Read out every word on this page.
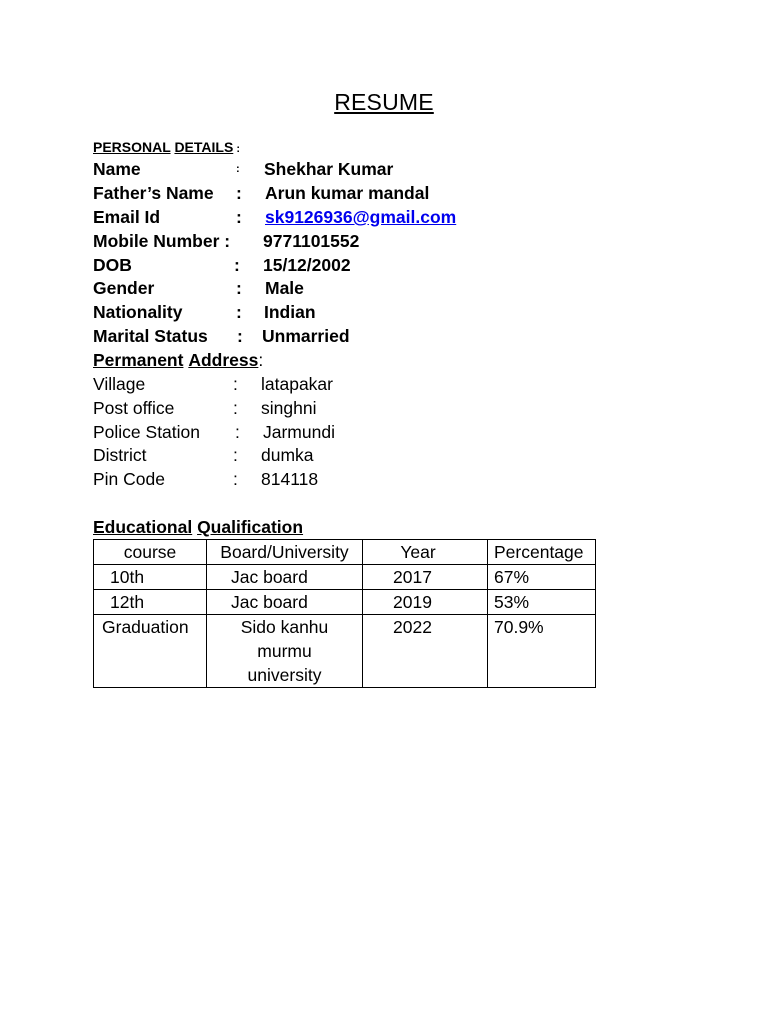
RESUME
PERSONAL DETAILS :
Name	: Shekhar Kumar
Father’s Name : Arun kumar mandal
Email Id	: sk9126936@gmail.com
Mobile Number : 9771101552
DOB	: 15/12/2002
Gender	: Male
Nationality	: Indian
Marital Status : Unmarried
Permanent Address:
Village	: latapakar
Post office	: singhni
Police Station : Jarmundi
District	: dumka
Pin Code	: 814118
Educational Qualification
course	Board/University	Year	Percentage
10th	Jac board	2017	67%
12th	Jac board	2019	53%
Graduation	Sido kanhu murmu university	2022	70.9%
